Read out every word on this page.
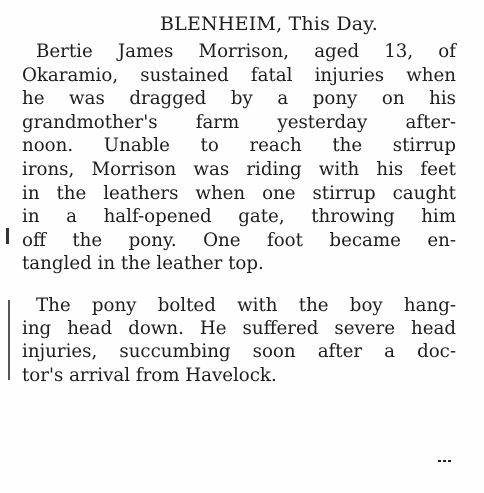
BLENHEIM, This Day.
Bertie James Morrison, aged 13, of
Okaramio, sustained fatal injuries when
he was dragged by a pony on his
grandmother's farm yesterday after-
noon. Unable to reach the stirrup
irons, Morrison was riding with his feet
in the leathers when one stirrup caught
in a half-opened gate, throwing him
off the pony. One foot became en-
tangled in the leather top.
The pony bolted with the boy hang-
ing head down. He suffered severe head
injuries, succumbing soon after a doc-
tor's arrival from Havelock.
